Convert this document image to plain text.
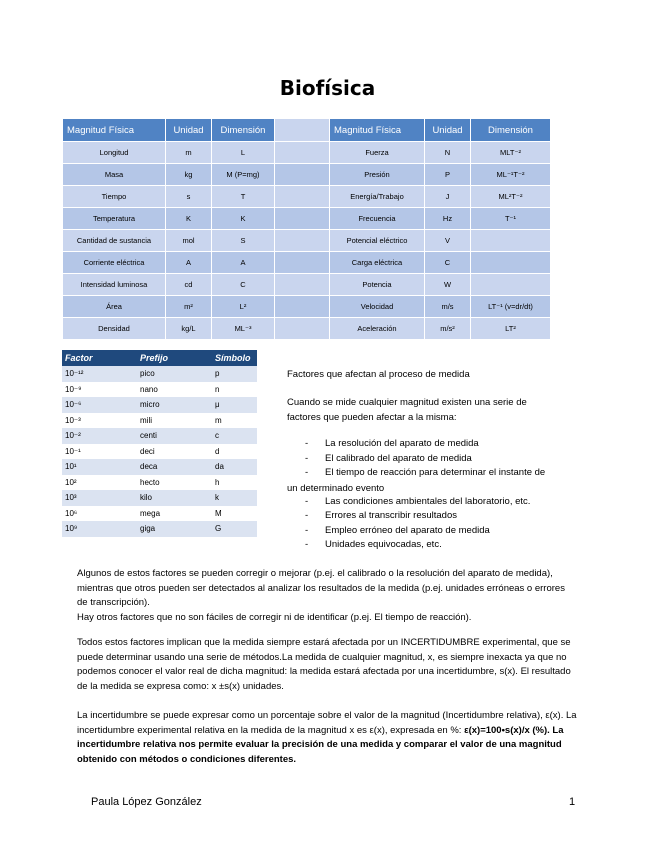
Biofísica
Magnitud Física	Unidad	Dimensión		Magnitud Física	Unidad	Dimensión
Longitud	m	L		Fuerza	N	MLT⁻²
Masa	kg	M (P=mg)		Presión	P	ML⁻¹T⁻²
Tiempo	s	T		Energía/Trabajo	J	ML²T⁻²
Temperatura	K	K		Frecuencia	Hz	T⁻¹
Cantidad de sustancia	mol	S		Potencial eléctrico	V	
Corriente eléctrica	A	A		Carga eléctrica	C	
Intensidad luminosa	cd	C		Potencia	W	
Área	m²	L²		Velocidad	m/s	LT⁻¹ (v=dr/dt)
Densidad	kg/L	ML⁻³		Aceleración	m/s²	LT²
Factor	Prefijo	Símbolo
10⁻¹²	pico	p
10⁻⁹	nano	n
10⁻⁶	micro	μ
10⁻³	mili	m
10⁻²	centi	c
10⁻¹	deci	d
10¹	deca	da
10²	hecto	h
10³	kilo	k
10⁶	mega	M
10⁹	giga	G
Factores que afectan al proceso de medida
Cuando se mide cualquier magnitud existen una serie de factores que pueden afectar a la misma:
- La resolución del aparato de medida
- El calibrado del aparato de medida
- El tiempo de reacción para determinar el instante de
- Las condiciones ambientales del laboratorio, etc.
- Errores al transcribir resultados
- Empleo erróneo del aparato de medida
- Unidades equivocadas, etc.
un determinado evento
Algunos de estos factores se pueden corregir o mejorar (p.ej. el calibrado o la resolución del aparato de medida), mientras que otros pueden ser detectados al analizar los resultados de la medida (p.ej. unidades erróneas o errores de transcripción).
Hay otros factores que no son fáciles de corregir ni de identificar (p.ej. El tiempo de reacción).
Todos estos factores implican que la medida siempre estará afectada por un INCERTIDUMBRE experimental, que se puede determinar usando una serie de métodos.La medida de cualquier magnitud, x, es siempre inexacta ya que no podemos conocer el valor real de dicha magnitud: la medida estará afectada por una incertidumbre, s(x). El resultado de la medida se expresa como: x ±s(x) unidades.
La incertidumbre se puede expresar como un porcentaje sobre el valor de la magnitud (Incertidumbre relativa), ε(x). La incertidumbre experimental relativa en la medida de la magnitud x es ε(x), expresada en %: ε(x)=100•s(x)/x (%). La incertidumbre relativa nos permite evaluar la precisión de una medida y comparar el valor de una magnitud obtenido con métodos o condiciones diferentes.
Paula López González	1
